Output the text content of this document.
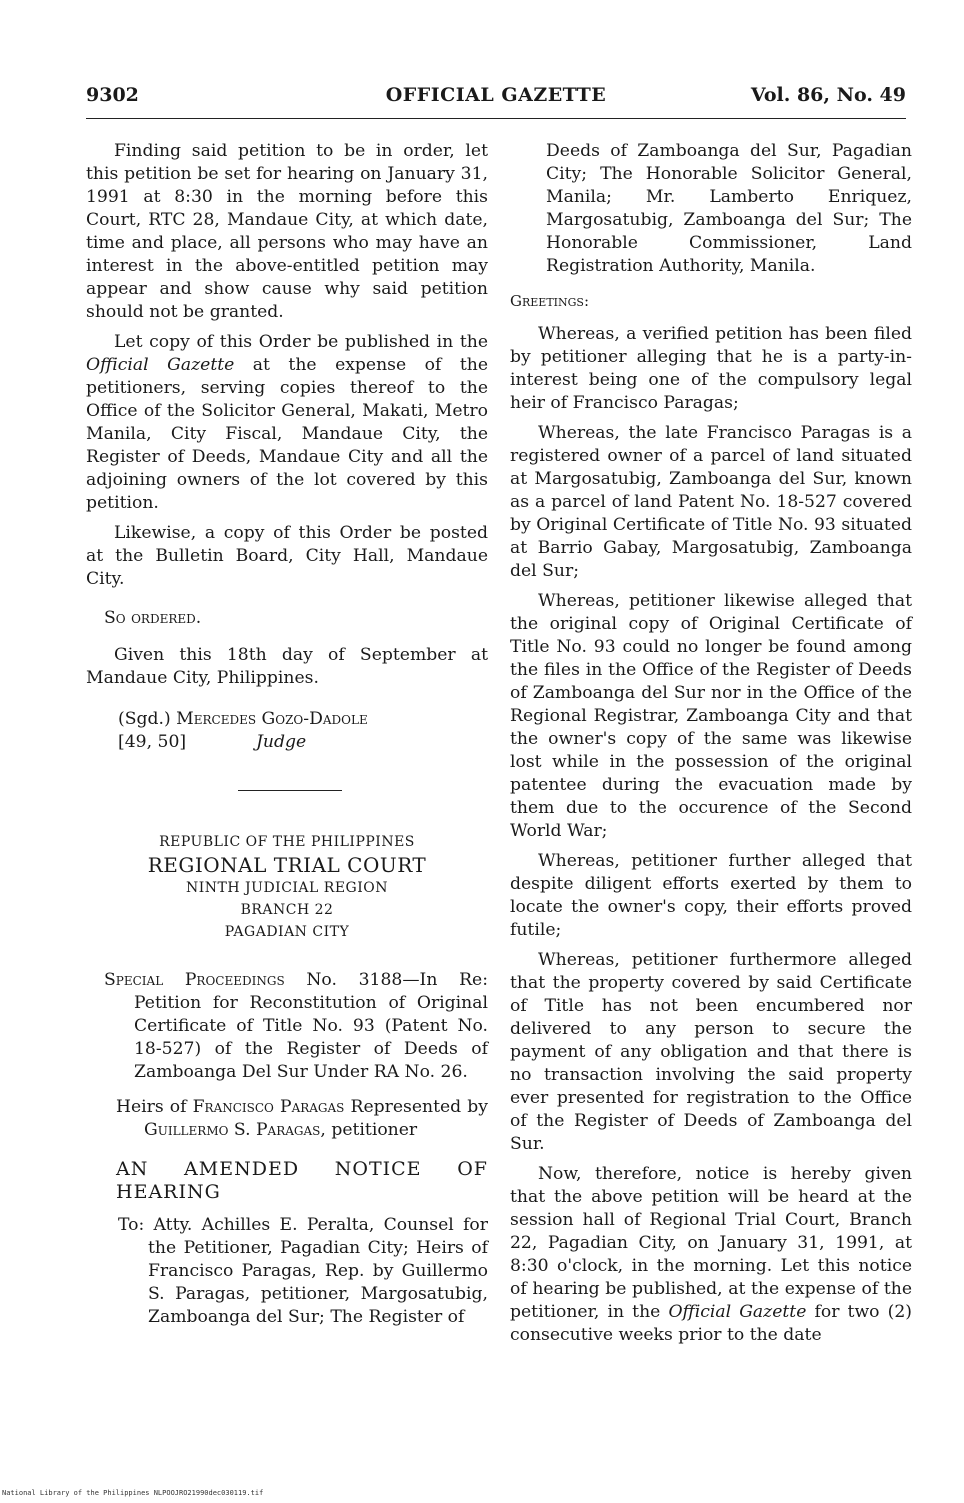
9302	OFFICIAL GAZETTE	Vol. 86, No. 49

Finding said petition to be in order, let this petition be set for hearing on January 31, 1991 at 8:30 in the morning before this Court, RTC 28, Mandaue City, at which date, time and place, all persons who may have an interest in the above-entitled petition may appear and show cause why said petition should not be granted.

Let copy of this Order be published in the Official Gazette at the expense of the petitioners, serving copies thereof to the Office of the Solicitor General, Makati, Metro Manila, City Fiscal, Mandaue City, the Register of Deeds, Mandaue City and all the adjoining owners of the lot covered by this petition.

Likewise, a copy of this Order be posted at the Bulletin Board, City Hall, Mandaue City.

So ordered.

Given this 18th day of September at Mandaue City, Philippines.

(Sgd.) Mercedes Gozo-Dadole
[49, 50]	Judge

REPUBLIC OF THE PHILIPPINES

REGIONAL TRIAL COURT

NINTH JUDICIAL REGION

BRANCH 22

PAGADIAN CITY

Special Proceedings No. 3188—In Re: Petition for Reconstitution of Original Certificate of Title No. 93 (Patent No. 18-527) of the Register of Deeds of Zamboanga Del Sur Under RA No. 26.

Heirs of Francisco Paragas Represented by Guillermo S. Paragas, petitioner

AN AMENDED NOTICE OF HEARING

To: Atty. Achilles E. Peralta, Counsel for the Petitioner, Pagadian City; Heirs of Francisco Paragas, Rep. by Guillermo S. Paragas, petitioner, Margosatubig, Zamboanga del Sur; The Register of

Deeds of Zamboanga del Sur, Pagadian City; The Honorable Solicitor General, Manila; Mr. Lamberto Enriquez, Margosatubig, Zamboanga del Sur; The Honorable Commissioner, Land Registration Authority, Manila.

Greetings:

Whereas, a verified petition has been filed by petitioner alleging that he is a party-in-interest being one of the compulsory legal heir of Francisco Paragas;

Whereas, the late Francisco Paragas is a registered owner of a parcel of land situated at Margosatubig, Zamboanga del Sur, known as a parcel of land Patent No. 18-527 covered by Original Certificate of Title No. 93 situated at Barrio Gabay, Margosatubig, Zamboanga del Sur;

Whereas, petitioner likewise alleged that the original copy of Original Certificate of Title No. 93 could no longer be found among the files in the Office of the Register of Deeds of Zamboanga del Sur nor in the Office of the Regional Registrar, Zamboanga City and that the owner's copy of the same was likewise lost while in the possession of the original patentee during the evacuation made by them due to the occurence of the Second World War;

Whereas, petitioner further alleged that despite diligent efforts exerted by them to locate the owner's copy, their efforts proved futile;

Whereas, petitioner furthermore alleged that the property covered by said Certificate of Title has not been encumbered nor delivered to any person to secure the payment of any obligation and that there is no transaction involving the said property ever presented for registration to the Office of the Register of Deeds of Zamboanga del Sur.

Now, therefore, notice is hereby given that the above petition will be heard at the session hall of Regional Trial Court, Branch 22, Pagadian City, on January 31, 1991, at 8:30 o'clock, in the morning. Let this notice of hearing be published, at the expense of the petitioner, in the Official Gazette for two (2) consecutive weeks prior to the date

National Library of the Philippines NLPOOJRO21990dec030119.tif
